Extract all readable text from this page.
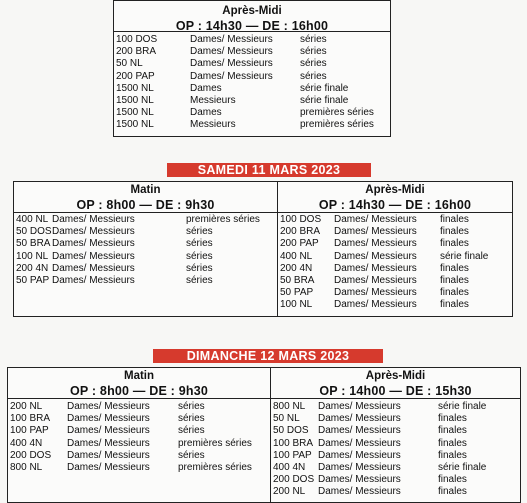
Après-Midi
OP : 14h30 — DE : 16h00
100 DOS	Dames/ Messieurs	séries
200 BRA	Dames/ Messieurs	séries
50 NL	Dames/ Messieurs	séries
200 PAP	Dames/ Messieurs	séries
1500 NL	Dames	série finale
1500 NL	Messieurs	série finale
1500 NL	Dames	premières séries
1500 NL	Messieurs	premières séries
SAMEDI 11 MARS 2023
Matin
OP : 8h00 — DE : 9h30
400 NL Dames/ Messieurs	premières séries
50 DOS Dames/ Messieurs	séries
50 BRA Dames/ Messieurs	séries
100 NL Dames/ Messieurs	séries
200 4N Dames/ Messieurs	séries
50 PAP Dames/ Messieurs	séries
Après-Midi
OP : 14h30 — DE : 16h00
100 DOS Dames/ Messieurs finales
200 BRA Dames/ Messieurs finales
200 PAP Dames/ Messieurs finales
400 NL Dames/ Messieurs série finale
200 4N Dames/ Messieurs finales
50 BRA Dames/ Messieurs finales
50 PAP Dames/ Messieurs finales
100 NL Dames/ Messieurs finales
DIMANCHE 12 MARS 2023
Matin
OP : 8h00 — DE : 9h30
200 NL Dames/ Messieurs	séries
100 BRA Dames/ Messieurs	séries
100 PAP Dames/ Messieurs	séries
400 4N Dames/ Messieurs	premières séries
200 DOS Dames/ Messieurs	séries
800 NL Dames/ Messieurs	premières séries
Après-Midi
OP : 14h00 — DE : 15h30
800 NL Dames/ Messieurs	série finale
50 NL Dames/ Messieurs	finales
50 DOS Dames/ Messieurs	finales
100 BRA Dames/ Messieurs	finales
100 PAP Dames/ Messieurs	finales
400 4N Dames/ Messieurs	série finale
200 DOS Dames/ Messieurs	finales
200 NL Dames/ Messieurs	finales
